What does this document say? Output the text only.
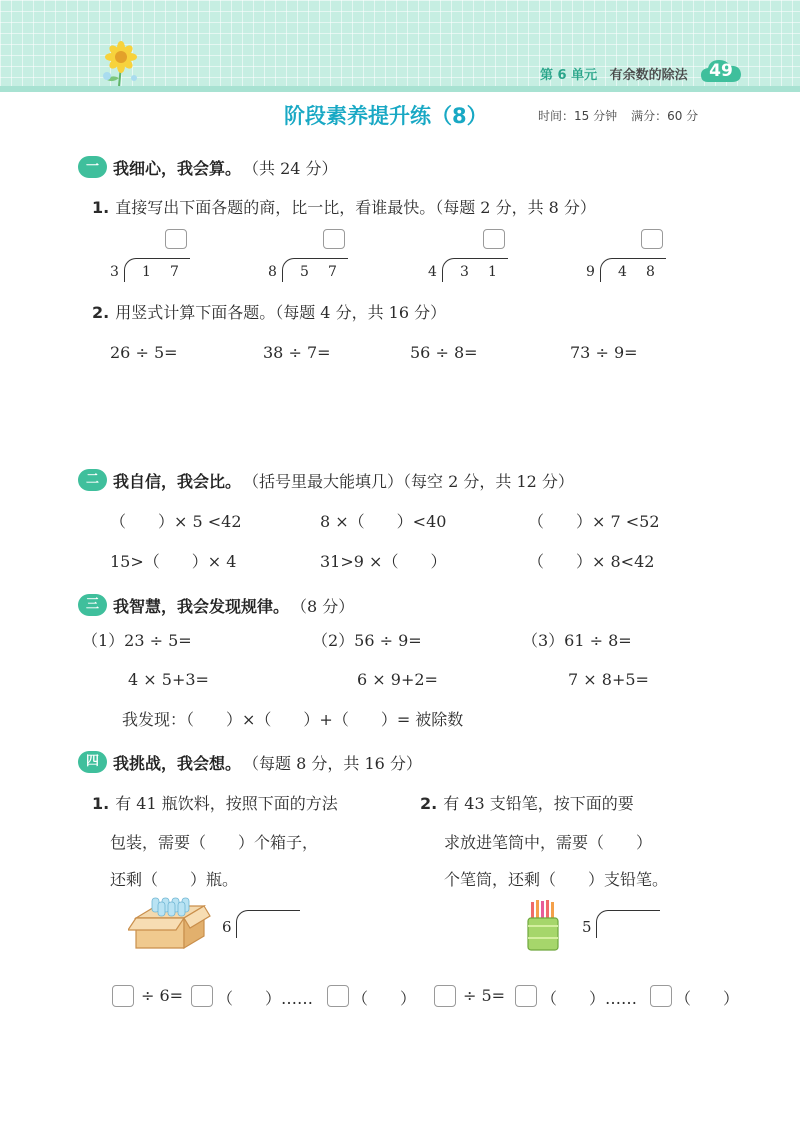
第 6 单元 有余数的除法	49
阶段素养提升练（8）	时间：15 分钟 满分：60 分
一 我细心，我会算。 （共 24 分）
1. 直接写出下面各题的商，比一比，看谁最快。（每题 2 分，共 8 分）
3 1 7	8 5 7	4 3 1	9 4 8
2. 用竖式计算下面各题。（每题 4 分，共 16 分）
26 ÷ 5=	38 ÷ 7=	56 ÷ 8=	73 ÷ 9=
二 我自信，我会比。 （括号里最大能填几）（每空 2 分，共 12 分）
（　　）× 5 <42	8 ×（　　）<40	（　　）× 7 <52
15>（　　）× 4	31>9 ×（　　）	（　　）× 8<42
三 我智慧，我会发现规律。 （8 分）
（1）23 ÷ 5=	（2）56 ÷ 9=	（3）61 ÷ 8=
4 × 5+3=	6 × 9+2=	7 × 8+5=
我发现：（　　）×（　　）+（　　）= 被除数
四 我挑战，我会想。 （每题 8 分，共 16 分）
1. 有 41 瓶饮料，按照下面的方法
包装，需要（　　）个箱子，
还剩（　　）瓶。
6
÷ 6= （　　）…… （　　）
2. 有 43 支铅笔，按下面的要
求放进笔筒中，需要（　　）
个笔筒，还剩（　　）支铅笔。
5
÷ 5= （　　）…… （　　）
